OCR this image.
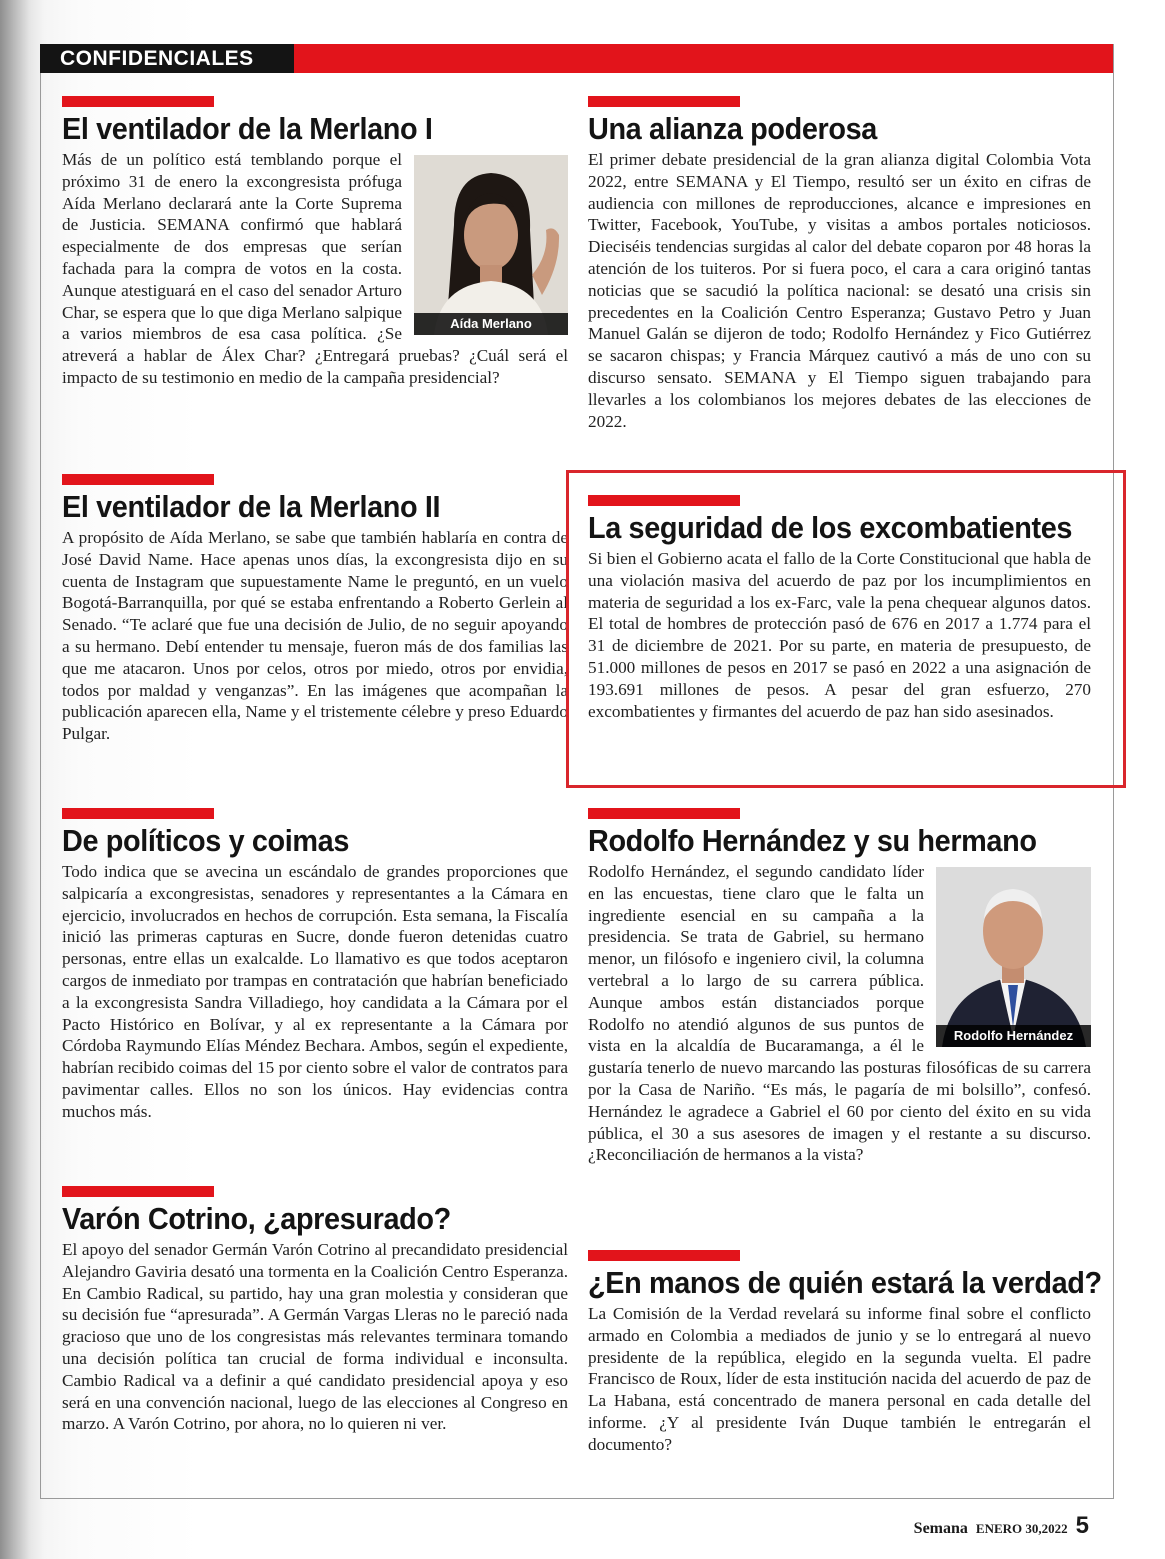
CONFIDENCIALES
El ventilador de la Merlano I
Aída Merlano

Más de un político está temblando porque el próximo 31 de enero la excongresista prófuga Aída Merlano declarará ante la Corte Suprema de Justicia. SEMANA confirmó que hablará especialmente de dos empresas que serían fachada para la compra de votos en la costa. Aunque atestiguará en el caso del senador Arturo Char, se espera que lo que diga Merlano salpique a varios miembros de esa casa política. ¿Se atreverá a hablar de Álex Char? ¿Entregará pruebas? ¿Cuál será el impacto de su testimonio en medio de la campaña presidencial?

Una alianza poderosa

El primer debate presidencial de la gran alianza digital Colombia Vota 2022, entre SEMANA y El Tiempo, resultó ser un éxito en cifras de audiencia con millones de reproducciones, alcance e impresiones en Twitter, Facebook, YouTube, y visitas a ambos portales noticiosos. Dieciséis tendencias surgidas al calor del debate coparon por 48 horas la atención de los tuiteros. Por si fuera poco, el cara a cara originó tantas noticias que se sacudió la política nacional: se desató una crisis sin precedentes en la Coalición Centro Esperanza; Gustavo Petro y Juan Manuel Galán se dijeron de todo; Rodolfo Hernández y Fico Gutiérrez se sacaron chispas; y Francia Márquez cautivó a más de uno con su discurso sensato. SEMANA y El Tiempo siguen trabajando para llevarles a los colombianos los mejores debates de las elecciones de 2022.

El ventilador de la Merlano II

A propósito de Aída Merlano, se sabe que también hablaría en contra de José David Name. Hace apenas unos días, la excongresista dijo en su cuenta de Instagram que supuestamente Name le preguntó, en un vuelo Bogotá-Barranquilla, por qué se estaba enfrentando a Roberto Gerlein al Senado. “Te aclaré que fue una decisión de Julio, de no seguir apoyando a su hermano. Debí entender tu mensaje, fueron más de dos familias las que me atacaron. Unos por celos, otros por miedo, otros por envidia, todos por maldad y venganzas”. En las imágenes que acompañan la publicación aparecen ella, Name y el tristemente célebre y preso Eduardo Pulgar.

La seguridad de los excombatientes

Si bien el Gobierno acata el fallo de la Corte Constitucional que habla de una violación masiva del acuerdo de paz por los incumplimientos en materia de seguridad a los ex-Farc, vale la pena chequear algunos datos. El total de hombres de protección pasó de 676 en 2017 a 1.774 para el 31 de diciembre de 2021. Por su parte, en materia de presupuesto, de 51.000 millones de pesos en 2017 se pasó en 2022 a una asignación de 193.691 millones de pesos. A pesar del gran esfuerzo, 270 excombatientes y firmantes del acuerdo de paz han sido asesinados.

De políticos y coimas

Todo indica que se avecina un escándalo de grandes proporciones que salpicaría a excongresistas, senadores y representantes a la Cámara en ejercicio, involucrados en hechos de corrupción. Esta semana, la Fiscalía inició las primeras capturas en Sucre, donde fueron detenidas cuatro personas, entre ellas un exalcalde. Lo llamativo es que todos aceptaron cargos de inmediato por trampas en contratación que habrían beneficiado a la excongresista Sandra Villadiego, hoy candidata a la Cámara por el Pacto Histórico en Bolívar, y al ex representante a la Cámara por Córdoba Raymundo Elías Méndez Bechara. Ambos, según el expediente, habrían recibido coimas del 15 por ciento sobre el valor de contratos para pavimentar calles. Ellos no son los únicos. Hay evidencias contra muchos más.

Rodolfo Hernández y su hermano
Rodolfo Hernández

Rodolfo Hernández, el segundo candidato líder en las encuestas, tiene claro que le falta un ingrediente esencial en su campaña a la presidencia. Se trata de Gabriel, su hermano menor, un filósofo e ingeniero civil, la columna vertebral a lo largo de su carrera pública. Aunque ambos están distanciados porque Rodolfo no atendió algunos de sus puntos de vista en la alcaldía de Bucaramanga, a él le gustaría tenerlo de nuevo marcando las posturas filosóficas de su carrera por la Casa de Nariño. “Es más, le pagaría de mi bolsillo”, confesó. Hernández le agradece a Gabriel el 60 por ciento del éxito en su vida pública, el 30 a sus asesores de imagen y el restante a su discurso. ¿Reconciliación de hermanos a la vista?

Varón Cotrino, ¿apresurado?

El apoyo del senador Germán Varón Cotrino al precandidato presidencial Alejandro Gaviria desató una tormenta en la Coalición Centro Esperanza. En Cambio Radical, su partido, hay una gran molestia y consideran que su decisión fue “apresurada”. A Germán Vargas Lleras no le pareció nada gracioso que uno de los congresistas más relevantes terminara tomando una decisión política tan crucial de forma individual e inconsulta. Cambio Radical va a definir a qué candidato presidencial apoya y eso será en una convención nacional, luego de las elecciones al Congreso en marzo. A Varón Cotrino, por ahora, no lo quieren ni ver.

¿En manos de quién estará la verdad?

La Comisión de la Verdad revelará su informe final sobre el conflicto armado en Colombia a mediados de junio y se lo entregará al nuevo presidente de la república, elegido en la segunda vuelta. El padre Francisco de Roux, líder de esta institución nacida del acuerdo de paz de La Habana, está concentrado de manera personal en cada detalle del informe. ¿Y al presidente Iván Duque también le entregarán el documento?

Semana ENERO 30,2022 5
